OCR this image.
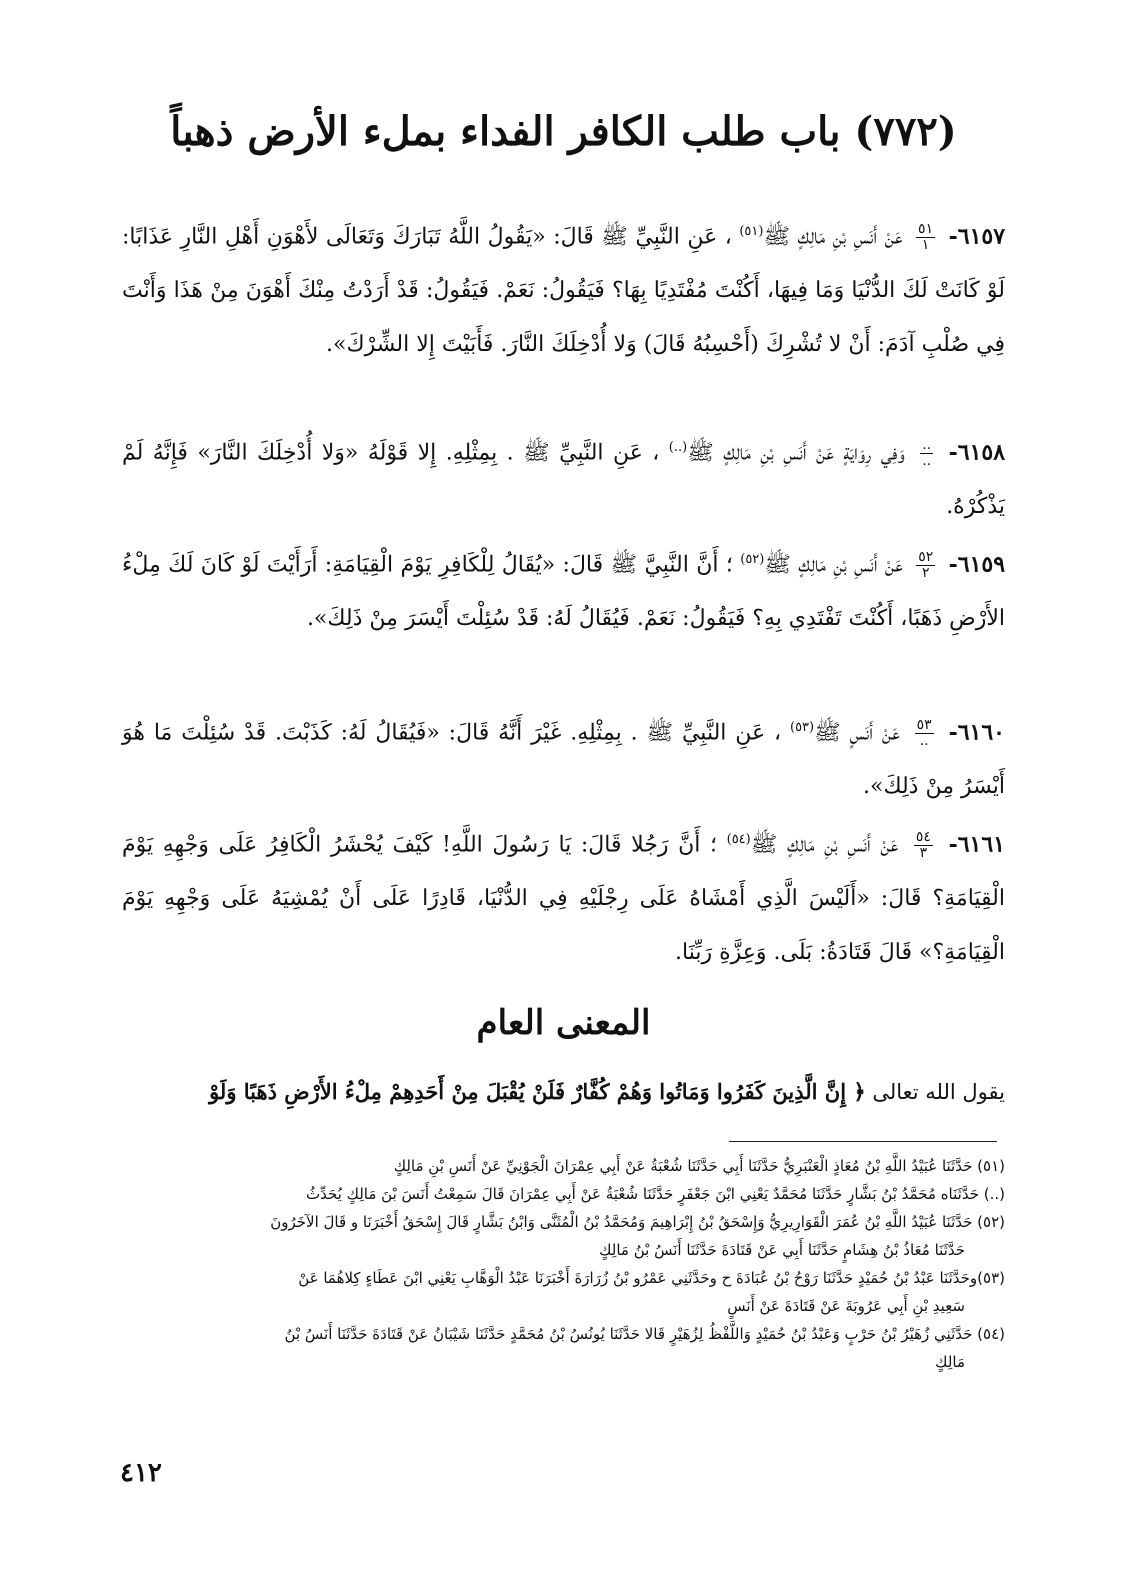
(٧٧٢) باب طلب الكافر الفداء بملء الأرض ذهباً

٦١٥٧-
$\frac{٥١}{١}$
عَنْ أَنَسِ بْنِ مَالِكٍ ﷺ$^{(٥١)}$ ، عَنِ النَّبِيِّ ﷺ قَالَ: «يَقُولُ اللَّهُ تَبَارَكَ وَتَعَالَى لأَهْوَنِ أَهْلِ النَّارِ عَذَابًا: لَوْ كَانَتْ لَكَ الدُّنْيَا وَمَا فِيهَا، أَكُنْتَ مُفْتَدِيًا بِهَا؟ فَيَقُولُ: نَعَمْ. فَيَقُولُ: قَدْ أَرَدْتُ مِنْكَ أَهْوَنَ مِنْ هَذَا وَأَنْتَ فِي صُلْبِ آدَمَ: أَنْ لا تُشْرِكَ (أَحْسِبُهُ قَالَ) وَلا أُدْخِلَكَ النَّارَ. فَأَبَيْتَ إِلا الشِّرْكَ».

٦١٥٨-
$\frac{..}{..}$
وَفِي رِوَايَةٍ عَنْ أَنَسِ بْنِ مَالِكٍ ﷺ(..) ، عَنِ النَّبِيِّ ﷺ . بِمِثْلِهِ. إِلا قَوْلَهُ «وَلا أُدْخِلَكَ النَّارَ» فَإِنَّهُ لَمْ يَذْكُرْهُ.

٦١٥٩-
$\frac{٥٢}{٢}$
عَنْ أَنَسِ بْنِ مَالِكٍ ﷺ$^{(٥٢)}$ ؛ أَنَّ النَّبِيَّ ﷺ قَالَ: «يُقَالُ لِلْكَافِرِ يَوْمَ الْقِيَامَةِ: أَرَأَيْتَ لَوْ كَانَ لَكَ مِلْءُ الأَرْضِ ذَهَبًا، أَكُنْتَ تَفْتَدِي بِهِ؟ فَيَقُولُ: نَعَمْ. فَيُقَالُ لَهُ: قَدْ سُئِلْتَ أَيْسَرَ مِنْ ذَلِكَ».

٦١٦٠-
$\frac{٥٣}{..}$
عَنْ أَنَسٍ ﷺ$^{(٥٣)}$ ، عَنِ النَّبِيِّ ﷺ . بِمِثْلِهِ. غَيْرَ أَنَّهُ قَالَ: «فَيُقَالُ لَهُ: كَذَبْتَ. قَدْ سُئِلْتَ مَا هُوَ أَيْسَرُ مِنْ ذَلِكَ».

٦١٦١-
$\frac{٥٤}{٣}$
عَنْ أَنَسِ بْنِ مَالِكٍ ﷺ$^{(٥٤)}$ ؛ أَنَّ رَجُلا قَالَ: يَا رَسُولَ اللَّهِ! كَيْفَ يُحْشَرُ الْكَافِرُ عَلَى وَجْهِهِ يَوْمَ الْقِيَامَةِ؟ قَالَ: «أَلَيْسَ الَّذِي أَمْشَاهُ عَلَى رِجْلَيْهِ فِي الدُّنْيَا، قَادِرًا عَلَى أَنْ يُمْشِيَهُ عَلَى وَجْهِهِ يَوْمَ الْقِيَامَةِ؟» قَالَ قَتَادَةُ: بَلَى. وَعِزَّةِ رَبِّنَا.

المعنى العام

يقول الله تعالى ﴿ إِنَّ الَّذِينَ كَفَرُوا وَمَاتُوا وَهُمْ كُفَّارٌ فَلَنْ يُقْبَلَ مِنْ أَحَدِهِمْ مِلْءُ الأَرْضِ ذَهَبًا وَلَوْ

(٥١) حَدَّثَنَا عُبَيْدُ اللَّهِ بْنُ مُعَاذٍ الْعَنْبَرِيُّ حَدَّثَنَا أَبِي حَدَّثَنَا شُعْبَةُ عَنْ أَبِي عِمْرَانَ الْجَوْنِيِّ عَنْ أَنَسِ بْنِ مَالِكٍ

(..) حَدَّثَنَاه مُحَمَّدُ بْنُ بَشَّارٍ حَدَّثَنَا مُحَمَّدٌ يَعْنِي ابْنَ جَعْفَرٍ حَدَّثَنَا شُعْبَةُ عَنْ أَبِي عِمْرَانَ قَالَ سَمِعْتُ أَنَسَ بْنَ مَالِكٍ يُحَدِّثُ

(٥٢) حَدَّثَنَا عُبَيْدُ اللَّهِ بْنُ عُمَرَ الْقَوَارِيرِيُّ وَإِسْحَقُ بْنُ إِبْرَاهِيمَ وَمُحَمَّدُ بْنُ الْمُثَنَّى وَابْنُ بَشَّارٍ قَالَ إِسْحَقُ أَخْبَرَنَا و قَالَ الآخَرُونَ
حَدَّثَنَا مُعَاذُ بْنُ هِشَامٍ حَدَّثَنَا أَبِي عَنْ قَتَادَةَ حَدَّثَنَا أَنَسُ بْنُ مَالِكٍ

(٥٣)وحَدَّثَنَا عَبْدُ بْنُ حُمَيْدٍ حَدَّثَنَا رَوْحُ بْنُ عُبَادَةَ ح وحَدَّثَنِي عَمْرُو بْنُ زُرَارَةَ أَخْبَرَنَا عَبْدُ الْوَهَّابِ يَعْنِي ابْنَ عَطَاءٍ كِلاهُمَا عَنْ
سَعِيدِ بْنِ أَبِي عَرُوبَةَ عَنْ قَتَادَةَ عَنْ أَنَسٍ

(٥٤) حَدَّثَنِي زُهَيْرُ بْنُ حَرْبٍ وَعَبْدُ بْنُ حُمَيْدٍ وَاللَّفْظُ لِزُهَيْرٍ قَالا حَدَّثَنَا يُونُسُ بْنُ مُحَمَّدٍ حَدَّثَنَا شَيْبَانُ عَنْ قَتَادَةَ حَدَّثَنَا أَنَسُ بْنُ
مَالِكٍ

٤١٢
